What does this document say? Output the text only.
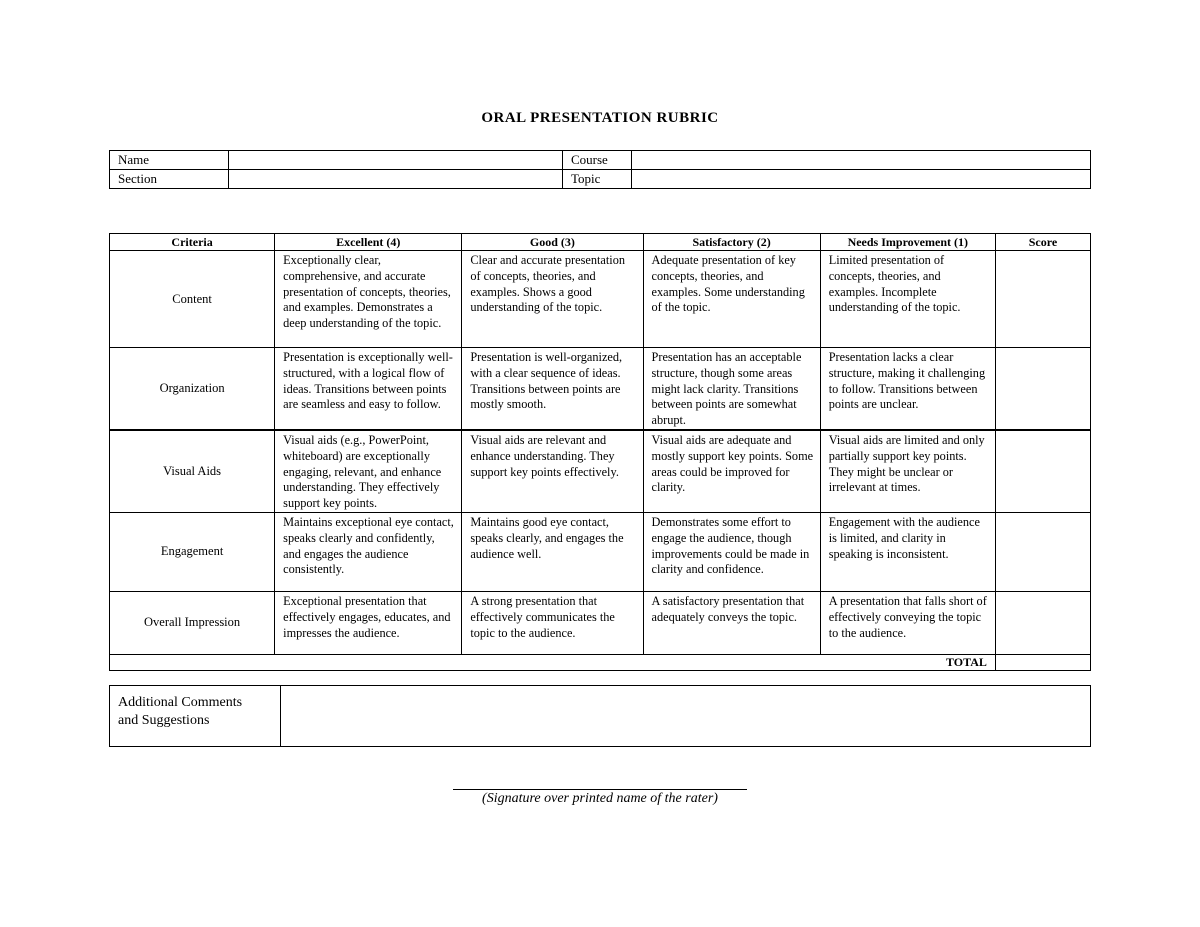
ORAL PRESENTATION RUBRIC
Name		Course	
Section		Topic	
Criteria	Excellent (4)	Good (3)	Satisfactory (2)	Needs Improvement (1)	Score
Content	Exceptionally clear, comprehensive, and accurate presentation of concepts, theories, and examples. Demonstrates a deep understanding of the topic.	Clear and accurate presentation of concepts, theories, and examples. Shows a good understanding of the topic.	Adequate presentation of key concepts, theories, and examples. Some understanding of the topic.	Limited presentation of concepts, theories, and examples. Incomplete understanding of the topic.	
Organization	Presentation is exceptionally well-structured, with a logical flow of ideas. Transitions between points are seamless and easy to follow.	Presentation is well-organized, with a clear sequence of ideas. Transitions between points are mostly smooth.	Presentation has an acceptable structure, though some areas might lack clarity. Transitions between points are somewhat abrupt.	Presentation lacks a clear structure, making it challenging to follow. Transitions between points are unclear.	
Visual Aids	Visual aids (e.g., PowerPoint, whiteboard) are exceptionally engaging, relevant, and enhance understanding. They effectively support key points.	Visual aids are relevant and enhance understanding. They support key points effectively.	Visual aids are adequate and mostly support key points. Some areas could be improved for clarity.	Visual aids are limited and only partially support key points. They might be unclear or irrelevant at times.	
Engagement	Maintains exceptional eye contact, speaks clearly and confidently, and engages the audience consistently.	Maintains good eye contact, speaks clearly, and engages the audience well.	Demonstrates some effort to engage the audience, though improvements could be made in clarity and confidence.	Engagement with the audience is limited, and clarity in speaking is inconsistent.	
Overall Impression	Exceptional presentation that effectively engages, educates, and impresses the audience.	A strong presentation that effectively communicates the topic to the audience.	A satisfactory presentation that adequately conveys the topic.	A presentation that falls short of effectively conveying the topic to the audience.	
TOTAL					
Additional Comments
and Suggestions

(Signature over printed name of the rater)
